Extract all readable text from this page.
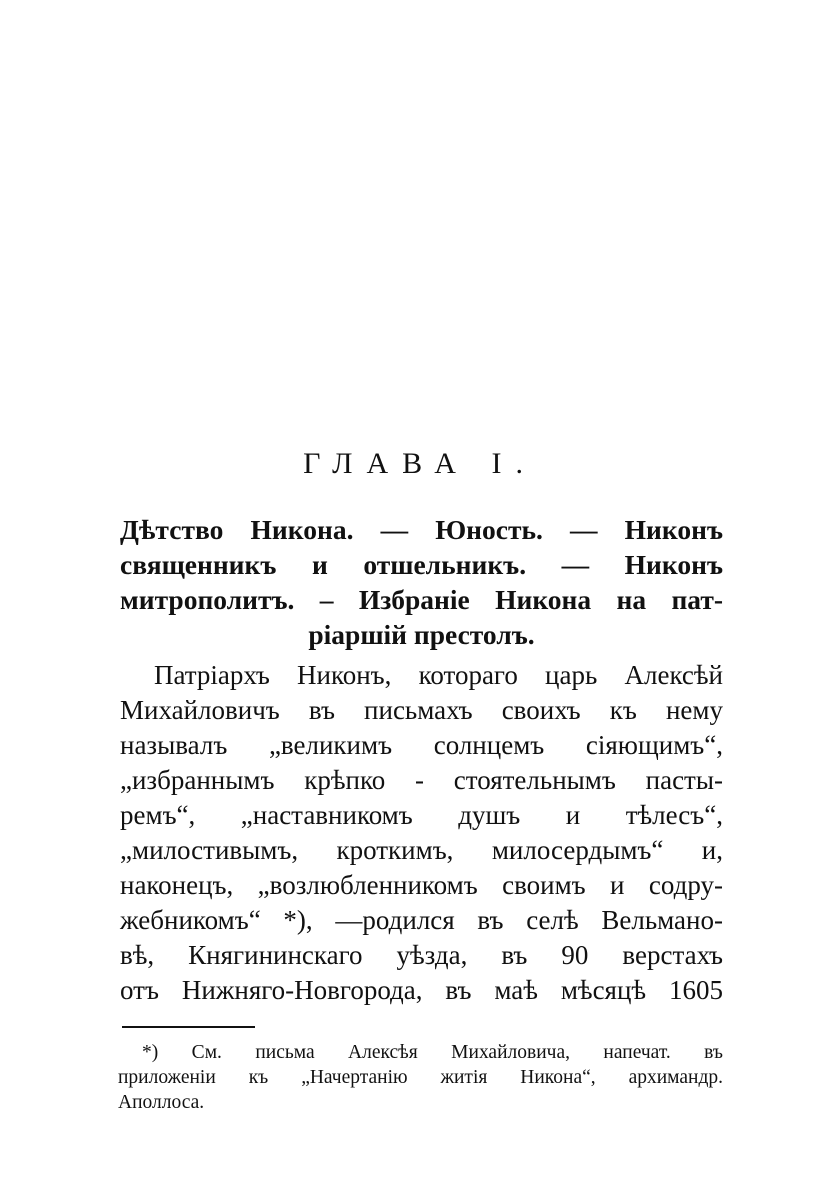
ГЛАВА I.
Дѣтство Никона. — Юность. — Никонъ
священникъ и отшельникъ. — Никонъ
митрополитъ. – Избраніе Никона на пат-
ріаршій престолъ.
Патріархъ Никонъ, котораго царь Алексѣй
Михайловичъ въ письмахъ своихъ къ нему
называлъ „великимъ солнцемъ сіяющимъ“,
„избраннымъ крѣпко - стоятельнымъ пасты-
ремъ“, „наставникомъ душъ и тѣлесъ“,
„милостивымъ, кроткимъ, милосердымъ“ и,
наконецъ, „возлюбленникомъ своимъ и содру-
жебникомъ“ *), —родился въ селѣ Вельмано-
вѣ, Княгининскаго уѣзда, въ 90 верстахъ
отъ Нижняго-Новгорода, въ маѣ мѣсяцѣ 1605
*) См. письма Алексѣя Михайловича, напечат. въ
приложеніи къ „Начертанію житія Никона“, архимандр.
Аполлоса.
